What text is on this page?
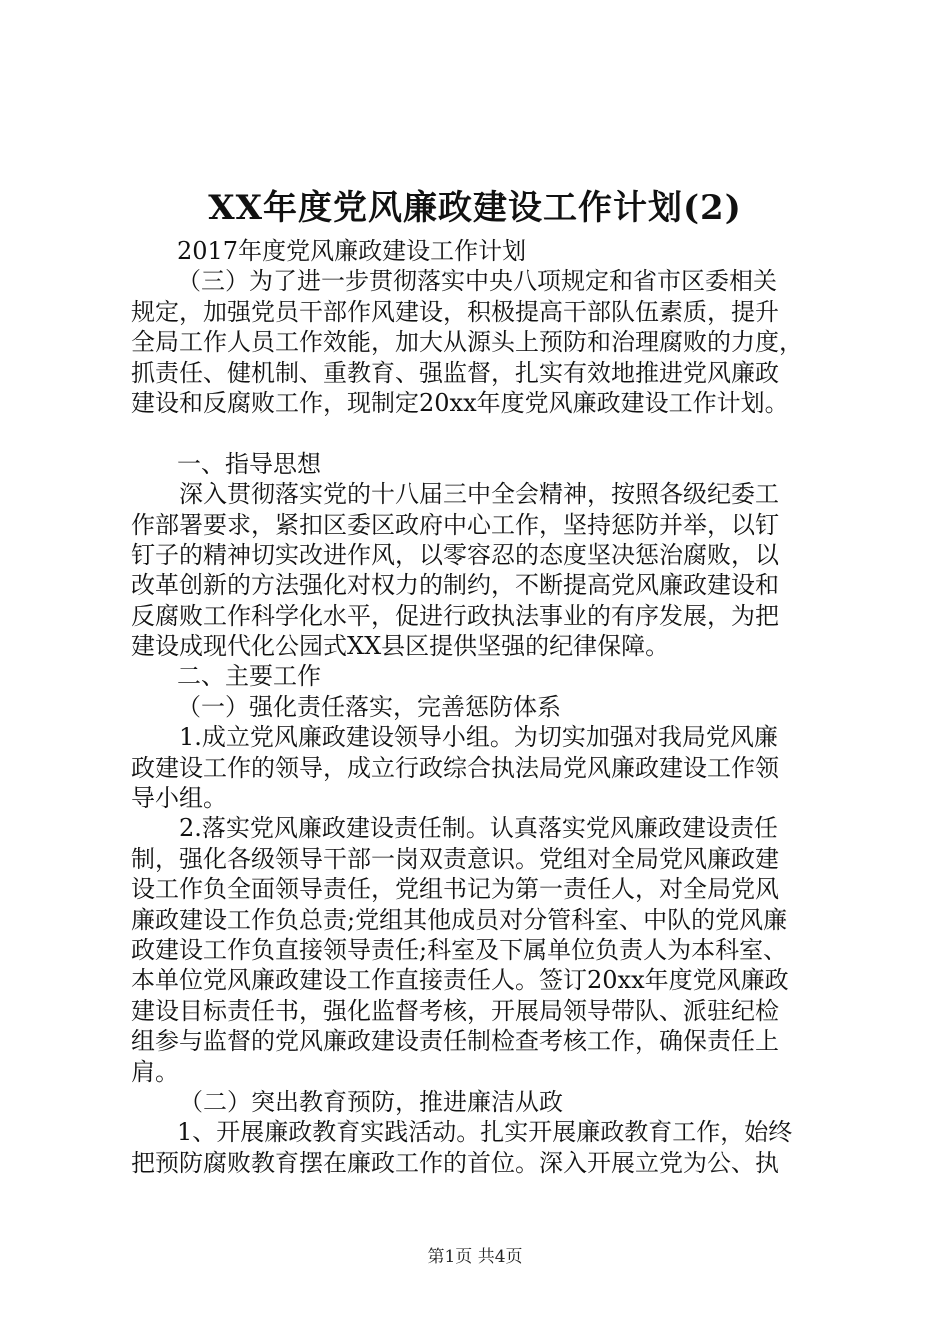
XX年度党风廉政建设工作计划(2)
2017年度党风廉政建设工作计划
（三）为了进一步贯彻落实中央八项规定和省市区委相关
规定，加强党员干部作风建设，积极提高干部队伍素质，提升
全局工作人员工作效能，加大从源头上预防和治理腐败的力度，
抓责任、健机制、重教育、强监督，扎实有效地推进党风廉政
建设和反腐败工作，现制定20xx年度党风廉政建设工作计划。
一、指导思想
深入贯彻落实党的十八届三中全会精神，按照各级纪委工
作部署要求，紧扣区委区政府中心工作，坚持惩防并举，以钉
钉子的精神切实改进作风，以零容忍的态度坚决惩治腐败，以
改革创新的方法强化对权力的制约，不断提高党风廉政建设和
反腐败工作科学化水平，促进行政执法事业的有序发展，为把
建设成现代化公园式XX县区提供坚强的纪律保障。
二、主要工作
（一）强化责任落实，完善惩防体系
1.成立党风廉政建设领导小组。为切实加强对我局党风廉
政建设工作的领导，成立行政综合执法局党风廉政建设工作领
导小组。
2.落实党风廉政建设责任制。认真落实党风廉政建设责任
制，强化各级领导干部一岗双责意识。党组对全局党风廉政建
设工作负全面领导责任，党组书记为第一责任人，对全局党风
廉政建设工作负总责;党组其他成员对分管科室、中队的党风廉
政建设工作负直接领导责任;科室及下属单位负责人为本科室、
本单位党风廉政建设工作直接责任人。签订20xx年度党风廉政
建设目标责任书，强化监督考核，开展局领导带队、派驻纪检
组参与监督的党风廉政建设责任制检查考核工作，确保责任上
肩。
（二）突出教育预防，推进廉洁从政
1、开展廉政教育实践活动。扎实开展廉政教育工作，始终
把预防腐败教育摆在廉政工作的首位。深入开展立党为公、执
第1页 共4页
